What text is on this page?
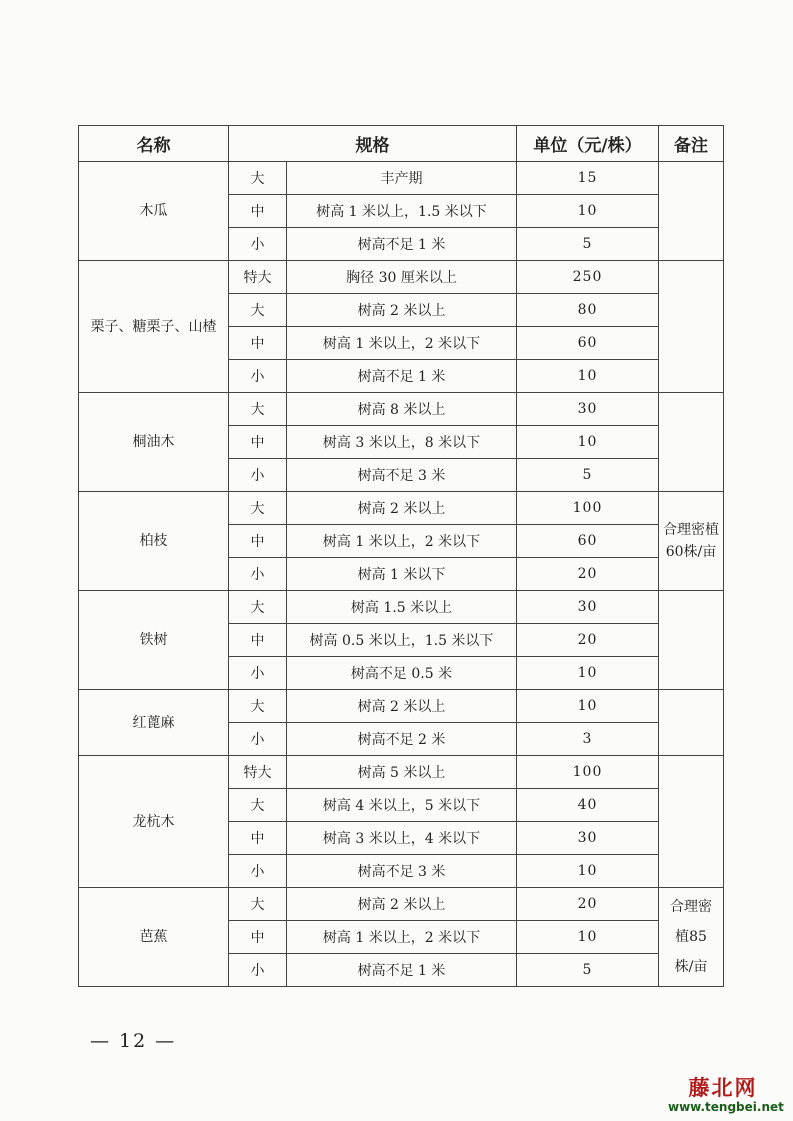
名称	规格		单位（元/株）	备注
木瓜	大	丰产期	15	
	中	树高 1 米以上，1.5 米以下	10	
	小	树高不足 1 米	5	
栗子、糖栗子、山楂	特大	胸径 30 厘米以上	250	
	大	树高 2 米以上	80	
	中	树高 1 米以上，2 米以下	60	
	小	树高不足 1 米	10	
桐油木	大	树高 8 米以上	30	
	中	树高 3 米以上，8 米以下	10	
	小	树高不足 3 米	5	
柏枝	大	树高 2 米以上	100	合理密植60株/亩
	中	树高 1 米以上，2 米以下	60	
	小	树高 1 米以下	20	
铁树	大	树高 1.5 米以上	30	
	中	树高 0.5 米以上，1.5 米以下	20	
	小	树高不足 0.5 米	10	
红蓖麻	大	树高 2 米以上	10	
	小	树高不足 2 米	3	
龙杭木	特大	树高 5 米以上	100	
	大	树高 4 米以上，5 米以下	40	
	中	树高 3 米以上，4 米以下	30	
	小	树高不足 3 米	10	
芭蕉	大	树高 2 米以上	20	合理密植85株/亩
	中	树高 1 米以上，2 米以下	10	
	小	树高不足 1 米	5	
— 12 —
藤北网
www.tengbei.net
